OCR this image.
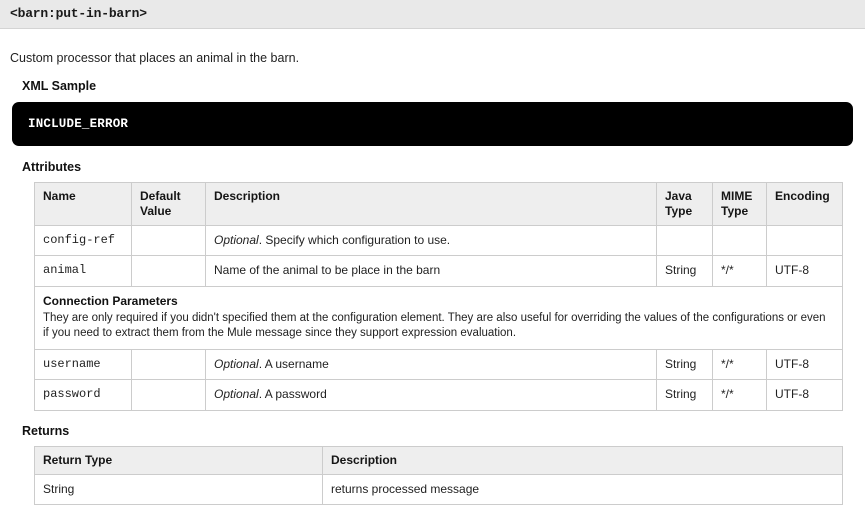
<barn:put-in-barn>

Custom processor that places an animal in the barn.

XML Sample
INCLUDE_ERROR
Attributes
Name	Default Value	Description	Java Type	MIME Type	Encoding
config-ref		Optional. Specify which configuration to use.			
animal		Name of the animal to be place in the barn	String	*/*	UTF-8

Connection Parameters
They are only required if you didn't specified them at the configuration element. They are also useful for overriding the values of the configurations or even if you need to extract them from the Mule message since they support expression evaluation.					

username		Optional. A username	String	*/*	UTF-8
password		Optional. A password	String	*/*	UTF-8
Returns
Return Type	Description
String	returns processed message
